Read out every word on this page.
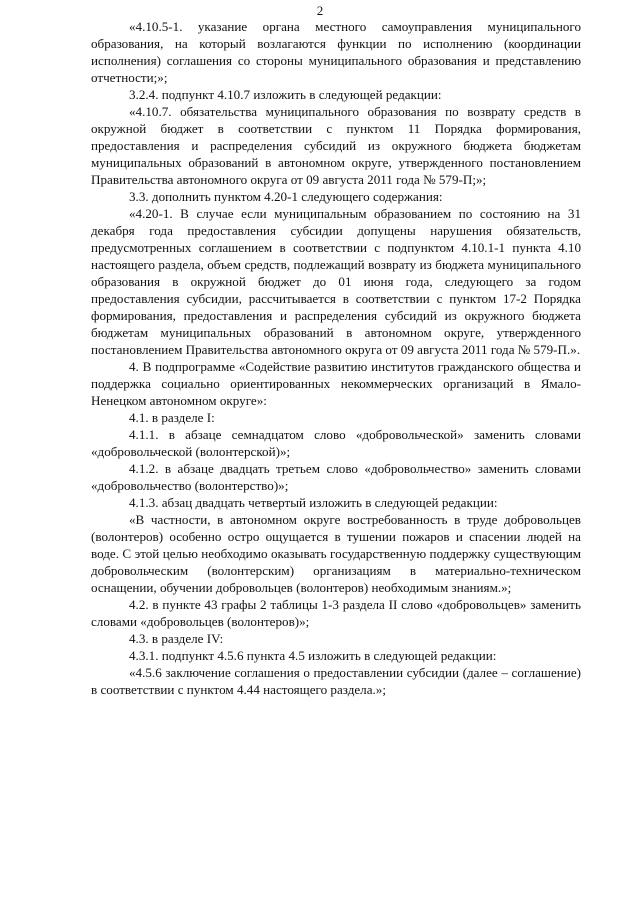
2

«4.10.5-1. указание органа местного самоуправления муниципального образования, на который возлагаются функции по исполнению (координации исполнения) соглашения со стороны муниципального образования и представлению отчетности;»;

3.2.4. подпункт 4.10.7 изложить в следующей редакции:

«4.10.7. обязательства муниципального образования по возврату средств в окружной бюджет в соответствии с пунктом 11 Порядка формирования, предоставления и распределения субсидий из окружного бюджета бюджетам муниципальных образований в автономном округе, утвержденного постановлением Правительства автономного округа от 09 августа 2011 года № 579-П;»;

3.3. дополнить пунктом 4.20-1 следующего содержания:

«4.20-1. В случае если муниципальным образованием по состоянию на 31 декабря года предоставления субсидии допущены нарушения обязательств, предусмотренных соглашением в соответствии с подпунктом 4.10.1-1 пункта 4.10 настоящего раздела, объем средств, подлежащий возврату из бюджета муниципального образования в окружной бюджет до 01 июня года, следующего за годом предоставления субсидии, рассчитывается в соответствии с пунктом 17-2 Порядка формирования, предоставления и распределения субсидий из окружного бюджета бюджетам муниципальных образований в автономном округе, утвержденного постановлением Правительства автономного округа от 09 августа 2011 года № 579-П.».

4. В подпрограмме «Содействие развитию институтов гражданского общества и поддержка социально ориентированных некоммерческих организаций в Ямало-Ненецком автономном округе»:

4.1. в разделе I:

4.1.1. в абзаце семнадцатом слово «добровольческой» заменить словами «добровольческой (волонтерской)»;

4.1.2. в абзаце двадцать третьем слово «добровольчество» заменить словами «добровольчество (волонтерство)»;

4.1.3. абзац двадцать четвертый изложить в следующей редакции:

«В частности, в автономном округе востребованность в труде добровольцев (волонтеров) особенно остро ощущается в тушении пожаров и спасении людей на воде. С этой целью необходимо оказывать государственную поддержку существующим добровольческим (волонтерским) организациям в материально-техническом оснащении, обучении добровольцев (волонтеров) необходимым знаниям.»;

4.2. в пункте 43 графы 2 таблицы 1-3 раздела II слово «добровольцев» заменить словами «добровольцев (волонтеров)»;

4.3. в разделе IV:

4.3.1. подпункт 4.5.6 пункта 4.5 изложить в следующей редакции:

«4.5.6 заключение соглашения о предоставлении субсидии (далее – соглашение) в соответствии с пунктом 4.44 настоящего раздела.»;
